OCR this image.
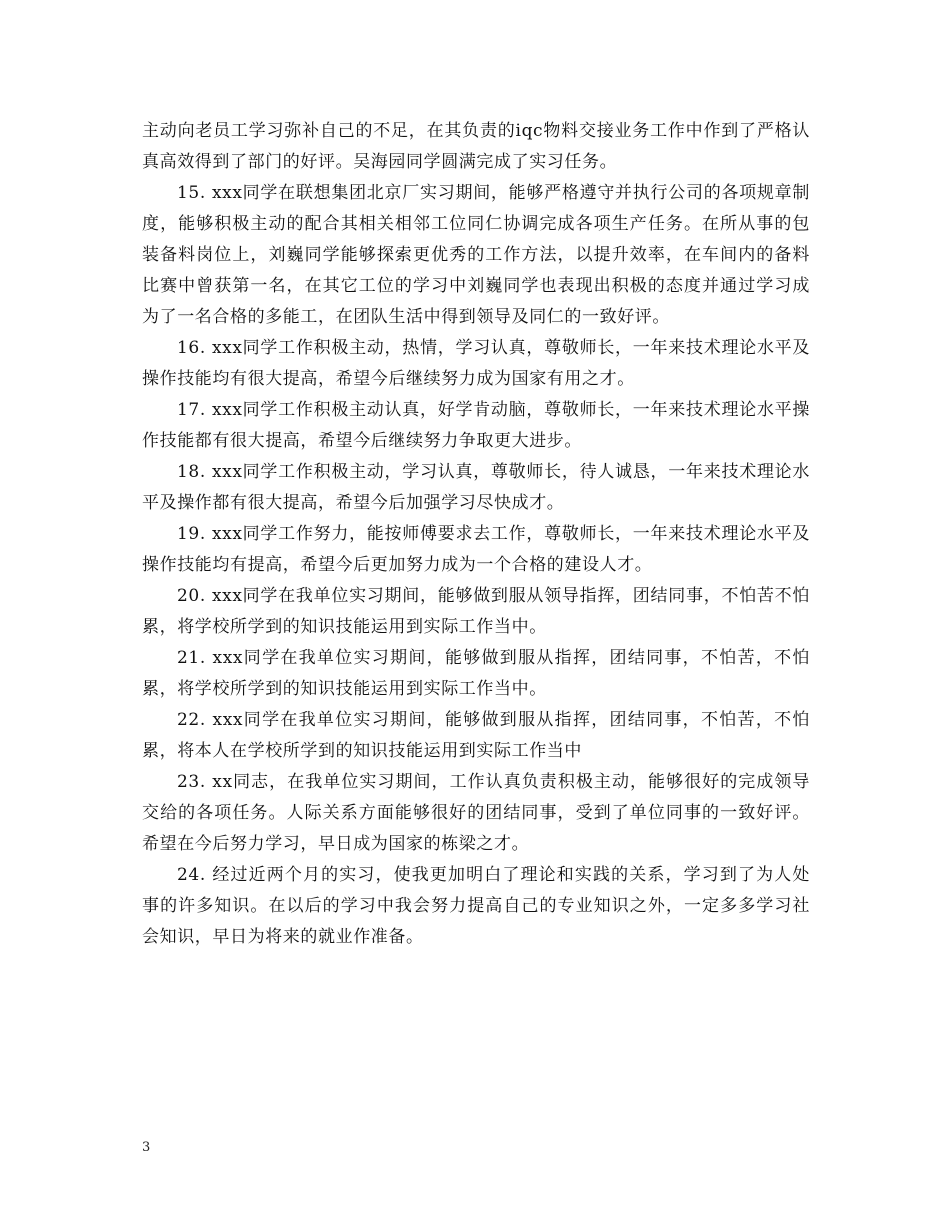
主动向老员工学习弥补自己的不足，在其负责的iqc物料交接业务工作中作到了严格认真高效得到了部门的好评。吴海园同学圆满完成了实习任务。

15. xxx同学在联想集团北京厂实习期间，能够严格遵守并执行公司的各项规章制度，能够积极主动的配合其相关相邻工位同仁协调完成各项生产任务。在所从事的包装备料岗位上，刘巍同学能够探索更优秀的工作方法，以提升效率，在车间内的备料比赛中曾获第一名，在其它工位的学习中刘巍同学也表现出积极的态度并通过学习成为了一名合格的多能工，在团队生活中得到领导及同仁的一致好评。

16. xxx同学工作积极主动，热情，学习认真，尊敬师长，一年来技术理论水平及操作技能均有很大提高，希望今后继续努力成为国家有用之才。

17. xxx同学工作积极主动认真，好学肯动脑，尊敬师长，一年来技术理论水平操作技能都有很大提高，希望今后继续努力争取更大进步。

18. xxx同学工作积极主动，学习认真，尊敬师长，待人诚恳，一年来技术理论水平及操作都有很大提高，希望今后加强学习尽快成才。

19. xxx同学工作努力，能按师傅要求去工作，尊敬师长，一年来技术理论水平及操作技能均有提高，希望今后更加努力成为一个合格的建设人才。

20. xxx同学在我单位实习期间，能够做到服从领导指挥，团结同事，不怕苦不怕累，将学校所学到的知识技能运用到实际工作当中。

21. xxx同学在我单位实习期间，能够做到服从指挥，团结同事，不怕苦，不怕累，将学校所学到的知识技能运用到实际工作当中。

22. xxx同学在我单位实习期间，能够做到服从指挥，团结同事，不怕苦，不怕累，将本人在学校所学到的知识技能运用到实际工作当中

23. xx同志，在我单位实习期间，工作认真负责积极主动，能够很好的完成领导交给的各项任务。人际关系方面能够很好的团结同事，受到了单位同事的一致好评。希望在今后努力学习，早日成为国家的栋梁之才。

24. 经过近两个月的实习，使我更加明白了理论和实践的关系，学习到了为人处事的许多知识。在以后的学习中我会努力提高自己的专业知识之外，一定多多学习社会知识，早日为将来的就业作准备。

3
